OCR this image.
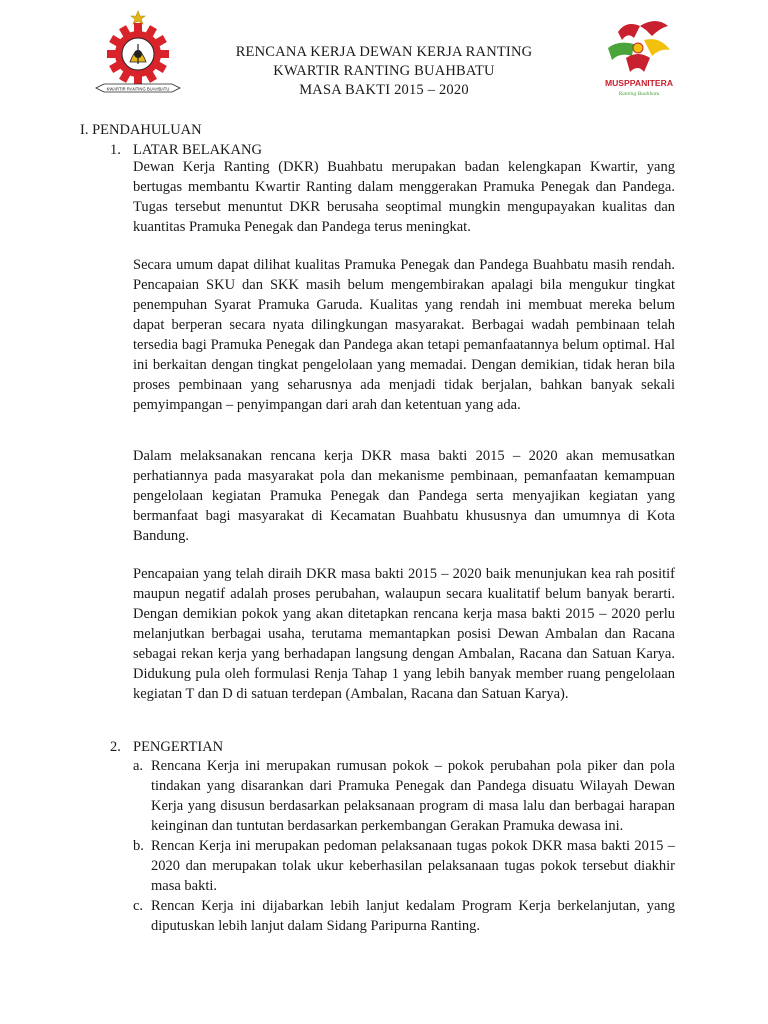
KWARTIR RANTING BUAHBATU
RENCANA KERJA DEWAN KERJA RANTING
KWARTIR RANTING BUAHBATU
MASA BAKTI 2015 – 2020	MUSPPANITERA
Ranting Buahbatu
I. PENDAHULUAN
1. LATAR BELAKANG

Dewan Kerja Ranting (DKR) Buahbatu merupakan badan kelengkapan Kwartir, yang bertugas membantu Kwartir Ranting dalam menggerakan Pramuka Penegak dan Pandega. Tugas tersebut menuntut DKR berusaha seoptimal mungkin mengupayakan kualitas dan kuantitas Pramuka Penegak dan Pandega terus meningkat.

Secara umum dapat dilihat kualitas Pramuka Penegak dan Pandega Buahbatu masih rendah. Pencapaian SKU dan SKK masih belum mengembirakan apalagi bila mengukur tingkat penempuhan Syarat Pramuka Garuda. Kualitas yang rendah ini membuat mereka belum dapat berperan secara nyata dilingkungan masyarakat. Berbagai wadah pembinaan telah tersedia bagi Pramuka Penegak dan Pandega akan tetapi pemanfaatannya belum optimal. Hal ini berkaitan dengan tingkat pengelolaan yang memadai. Dengan demikian, tidak heran bila proses pembinaan yang seharusnya ada menjadi tidak berjalan, bahkan banyak sekali pemyimpangan – penyimpangan dari arah dan ketentuan yang ada.

Dalam melaksanakan rencana kerja DKR masa bakti 2015 – 2020 akan memusatkan perhatiannya pada masyarakat pola dan mekanisme pembinaan, pemanfaatan kemampuan pengelolaan kegiatan Pramuka Penegak dan Pandega serta menyajikan kegiatan yang bermanfaat bagi masyarakat di Kecamatan Buahbatu khususnya dan umumnya di Kota Bandung.

Pencapaian yang telah diraih DKR masa bakti 2015 – 2020 baik menunjukan kea rah positif maupun negatif adalah proses perubahan, walaupun secara kualitatif belum banyak berarti. Dengan demikian pokok yang akan ditetapkan rencana kerja masa bakti 2015 – 2020 perlu melanjutkan berbagai usaha, terutama memantapkan posisi Dewan Ambalan dan Racana sebagai rekan kerja yang berhadapan langsung dengan Ambalan, Racana dan Satuan Karya. Didukung pula oleh formulasi Renja Tahap 1 yang lebih banyak member ruang pengelolaan kegiatan T dan D di satuan terdepan (Ambalan, Racana dan Satuan Karya).

2. PENGERTIAN
a. Rencana Kerja ini merupakan rumusan pokok – pokok perubahan pola piker dan pola tindakan yang disarankan dari Pramuka Penegak dan Pandega disuatu Wilayah Dewan Kerja yang disusun berdasarkan pelaksanaan program di masa lalu dan berbagai harapan keinginan dan tuntutan berdasarkan perkembangan Gerakan Pramuka dewasa ini.
b. Rencan Kerja ini merupakan pedoman pelaksanaan tugas pokok DKR masa bakti 2015 – 2020 dan merupakan tolak ukur keberhasilan pelaksanaan tugas pokok tersebut diakhir masa bakti.
c. Rencan Kerja ini dijabarkan lebih lanjut kedalam Program Kerja berkelanjutan, yang diputuskan lebih lanjut dalam Sidang Paripurna Ranting.
